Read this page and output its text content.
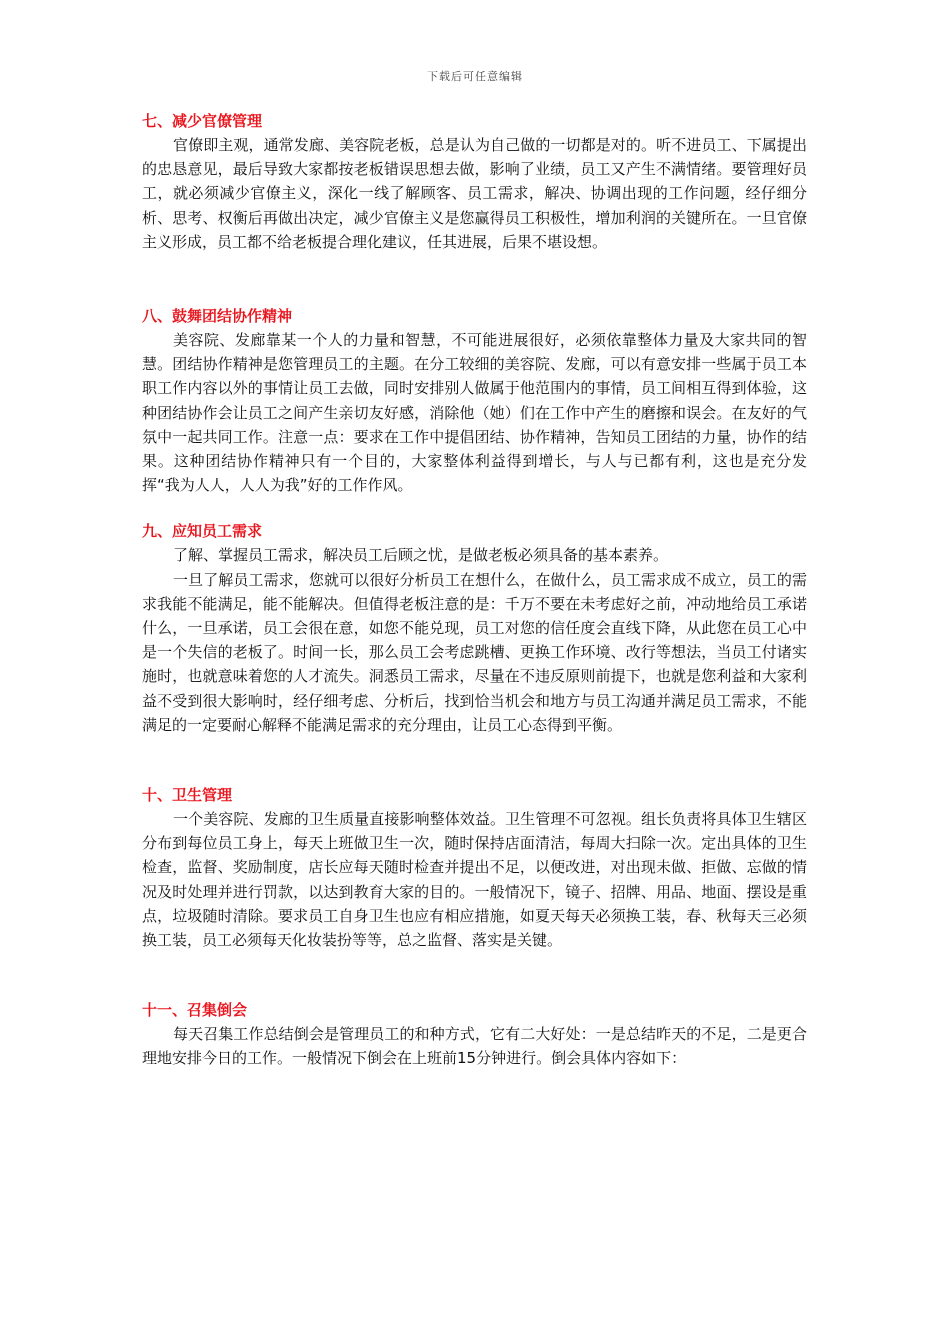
下载后可任意编辑
七、减少官僚管理

官僚即主观，通常发廊、美容院老板，总是认为自己做的一切都是对的。听不进员工、下属提出的忠恳意见，最后导致大家都按老板错误思想去做，影响了业绩，员工又产生不满情绪。要管理好员工，就必须减少官僚主义，深化一线了解顾客、员工需求，解决、协调出现的工作问题，经仔细分析、思考、权衡后再做出决定，减少官僚主义是您赢得员工积极性，增加利润的关键所在。一旦官僚主义形成，员工都不给老板提合理化建议，任其进展，后果不堪设想。

八、鼓舞团结协作精神

美容院、发廊靠某一个人的力量和智慧，不可能进展很好，必须依靠整体力量及大家共同的智慧。团结协作精神是您管理员工的主题。在分工较细的美容院、发廊，可以有意安排一些属于员工本职工作内容以外的事情让员工去做，同时安排别人做属于他范围内的事情，员工间相互得到体验，这种团结协作会让员工之间产生亲切友好感，消除他（她）们在工作中产生的磨擦和误会。在友好的气氛中一起共同工作。注意一点：要求在工作中提倡团结、协作精神，告知员工团结的力量，协作的结果。这种团结协作精神只有一个目的，大家整体利益得到增长，与人与已都有利，这也是充分发挥“我为人人，人人为我”好的工作作风。

九、应知员工需求

了解、掌握员工需求，解决员工后顾之忧，是做老板必须具备的基本素养。

一旦了解员工需求，您就可以很好分析员工在想什么，在做什么，员工需求成不成立，员工的需求我能不能满足，能不能解决。但值得老板注意的是：千万不要在未考虑好之前，冲动地给员工承诺什么，一旦承诺，员工会很在意，如您不能兑现，员工对您的信任度会直线下降，从此您在员工心中是一个失信的老板了。时间一长，那么员工会考虑跳槽、更换工作环境、改行等想法，当员工付诸实施时，也就意味着您的人才流失。洞悉员工需求，尽量在不违反原则前提下，也就是您利益和大家利益不受到很大影响时，经仔细考虑、分析后，找到恰当机会和地方与员工沟通并满足员工需求，不能满足的一定要耐心解释不能满足需求的充分理由，让员工心态得到平衡。

十、卫生管理

一个美容院、发廊的卫生质量直接影响整体效益。卫生管理不可忽视。组长负责将具体卫生辖区分布到每位员工身上，每天上班做卫生一次，随时保持店面清洁，每周大扫除一次。定出具体的卫生检查，监督、奖励制度，店长应每天随时检查并提出不足，以便改进，对出现未做、拒做、忘做的情况及时处理并进行罚款，以达到教育大家的目的。一般情况下，镜子、招牌、用品、地面、摆设是重点，垃圾随时清除。要求员工自身卫生也应有相应措施，如夏天每天必须换工装，春、秋每天三必须换工装，员工必须每天化妆装扮等等，总之监督、落实是关键。

十一、召集倒会

每天召集工作总结倒会是管理员工的和种方式，它有二大好处：一是总结昨天的不足，二是更合理地安排今日的工作。一般情况下倒会在上班前15分钟进行。倒会具体内容如下：
